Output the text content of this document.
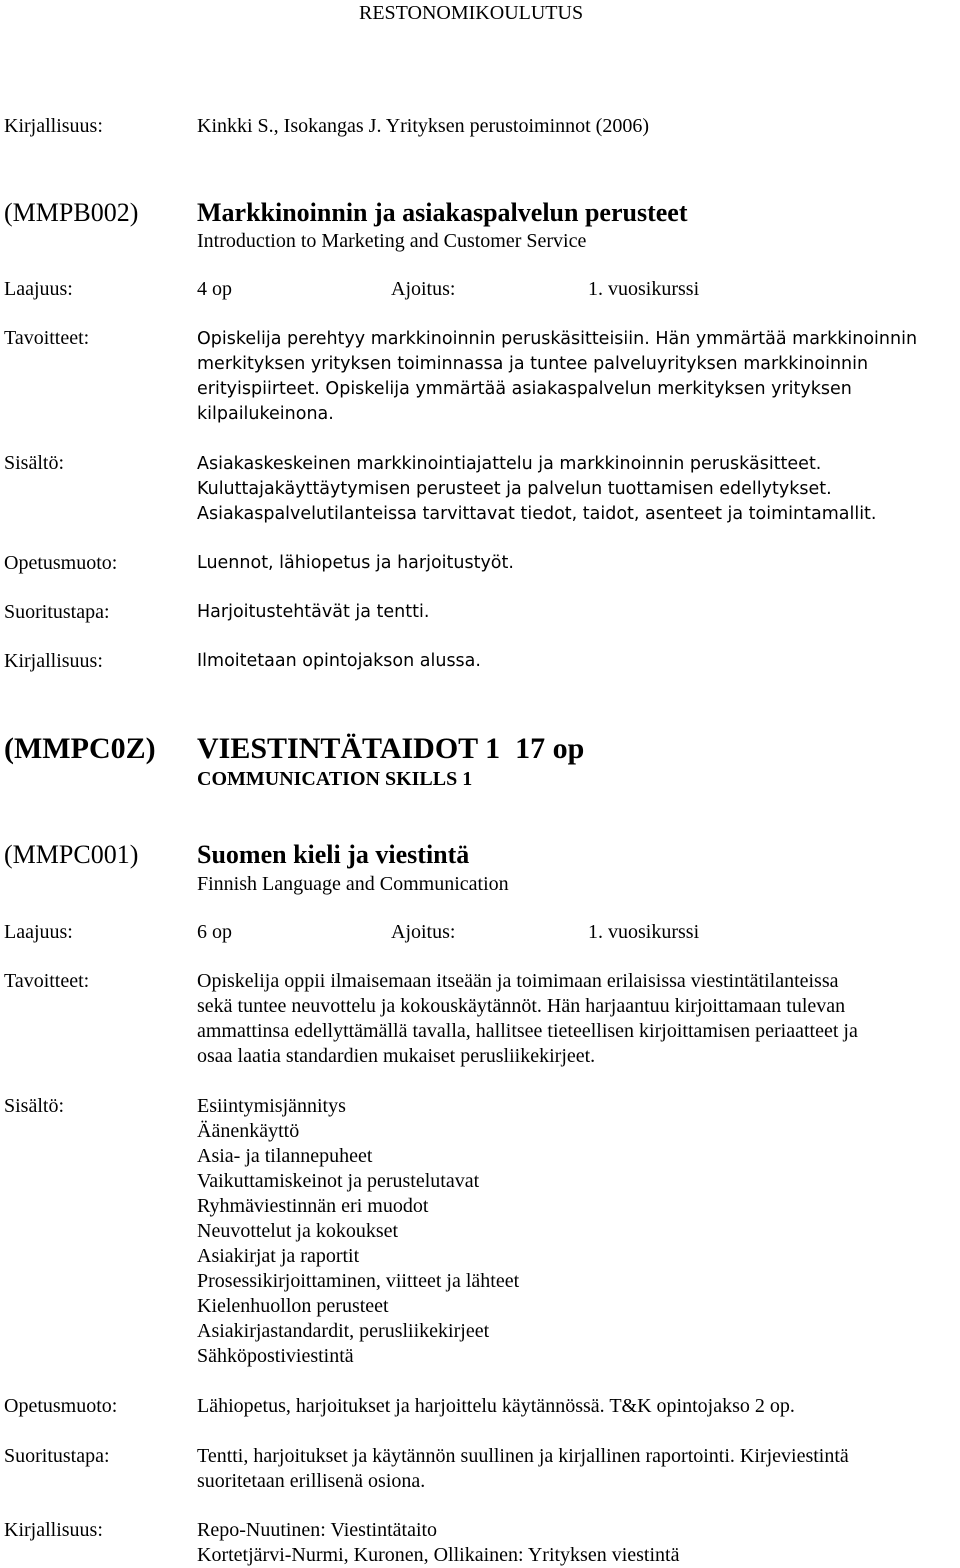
RESTONOMIKOULUTUS
Kirjallisuus:	Kinkki S., Isokangas J. Yrityksen perustoiminnot (2006)
(MMPB002) Markkinoinnin ja asiakaspalvelun perusteet
Introduction to Marketing and Customer Service
Laajuus:	4 op	Ajoitus:	1. vuosikurssi
Tavoitteet:	Opiskelija perehtyy markkinoinnin peruskäsitteisiin. Hän ymmärtää markkinoinnin
merkityksen yrityksen toiminnassa ja tuntee palveluyrityksen markkinoinnin
erityispiirteet. Opiskelija ymmärtää asiakaspalvelun merkityksen yrityksen
kilpailukeinona.
Sisältö:	Asiakaskeskeinen markkinointiajattelu ja markkinoinnin peruskäsitteet.
Kuluttajakäyttäytymisen perusteet ja palvelun tuottamisen edellytykset.
Asiakaspalvelutilanteissa tarvittavat tiedot, taidot, asenteet ja toimintamallit.
Opetusmuoto:	Luennot, lähiopetus ja harjoitustyöt.
Suoritustapa:	Harjoitustehtävät ja tentti.
Kirjallisuus:	Ilmoitetaan opintojakson alussa.
(MMPC0Z) VIESTINTÄTAIDOT 1  17 op
COMMUNICATION SKILLS 1
(MMPC001) Suomen kieli ja viestintä
Finnish Language and Communication
Laajuus:	6 op	Ajoitus:	1. vuosikurssi
Tavoitteet:	Opiskelija oppii ilmaisemaan itseään ja toimimaan erilaisissa viestintätilanteissa
sekä tuntee neuvottelu ja kokouskäytännöt. Hän harjaantuu kirjoittamaan tulevan
ammattinsa edellyttämällä tavalla, hallitsee tieteellisen kirjoittamisen periaatteet ja
osaa laatia standardien mukaiset perusliikekirjeet.
Sisältö:	Esiintymisjännitys
Äänenkäyttö
Asia- ja tilannepuheet
Vaikuttamiskeinot ja perustelutavat
Ryhmäviestinnän eri muodot
Neuvottelut ja kokoukset
Asiakirjat ja raportit
Prosessikirjoittaminen, viitteet ja lähteet
Kielenhuollon perusteet
Asiakirjastandardit, perusliikekirjeet
Sähköpostiviestintä
Opetusmuoto:	Lähiopetus, harjoitukset ja harjoittelu käytännössä. T&K opintojakso 2 op.
Suoritustapa:	Tentti, harjoitukset ja käytännön suullinen ja kirjallinen raportointi. Kirjeviestintä
suoritetaan erillisenä osiona.
Kirjallisuus:	Repo-Nuutinen: Viestintätaito
Kortetjärvi-Nurmi, Kuronen, Ollikainen: Yrityksen viestintä
